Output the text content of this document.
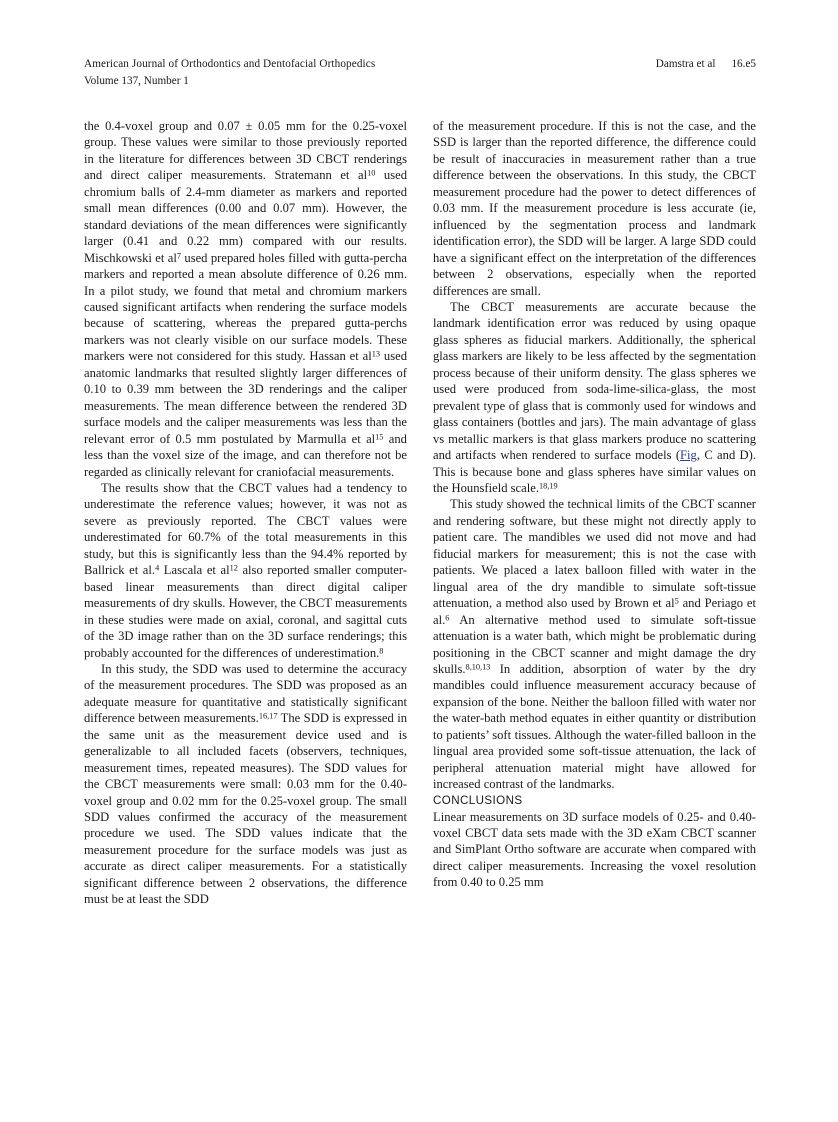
American Journal of Orthodontics and Dentofacial Orthopedics	Damstra et al 16.e5
Volume 137, Number 1

the 0.4-voxel group and 0.07 ± 0.05 mm for the 0.25-voxel group. These values were similar to those previously reported in the literature for differences between 3D CBCT renderings and direct caliper measurements. Stratemann et $al^{10}$ used chromium balls of 2.4-mm diameter as markers and reported small mean differences (0.00 and 0.07 mm). However, the standard deviations of the mean differences were significantly larger (0.41 and 0.22 mm) compared with our results. Mischkowski et $al^7$ used prepared holes filled with gutta-percha markers and reported a mean absolute difference of 0.26 mm. In a pilot study, we found that metal and chromium markers caused significant artifacts when rendering the surface models because of scattering, whereas the prepared gutta-perchs markers was not clearly visible on our surface models. These markers were not considered for this study. Hassan et $al^{13}$ used anatomic landmarks that resulted slightly larger differences of 0.10 to 0.39 mm between the 3D renderings and the caliper measurements. The mean difference between the rendered 3D surface models and the caliper measurements was less than the relevant error of 0.5 mm postulated by Marmulla et $al^{15}$ and less than the voxel size of the image, and can therefore not be regarded as clinically relevant for craniofacial measurements.

The results show that the CBCT values had a tendency to underestimate the reference values; however, it was not as severe as previously reported. The CBCT values were underestimated for 60.7% of the total measurements in this study, but this is significantly less than the 94.4% reported by Ballrick et al.$^4$ Lascala et $al^{12}$ also reported smaller computer-based linear measurements than direct digital caliper measurements of dry skulls. However, the CBCT measurements in these studies were made on axial, coronal, and sagittal cuts of the 3D image rather than on the 3D surface renderings; this probably accounted for the differences of underestimation.$^8$

In this study, the SDD was used to determine the accuracy of the measurement procedures. The SDD was proposed as an adequate measure for quantitative and statistically significant difference between measurements.$^{16,17}$ The SDD is expressed in the same unit as the measurement device used and is generalizable to all included facets (observers, techniques, measurement times, repeated measures). The SDD values for the CBCT measurements were small: 0.03 mm for the 0.40-voxel group and 0.02 mm for the 0.25-voxel group. The small SDD values confirmed the accuracy of the measurement procedure we used. The SDD values indicate that the measurement procedure for the surface models was just as accurate as direct caliper measurements. For a statistically significant difference between 2 observations, the difference must be at least the SDD

of the measurement procedure. If this is not the case, and the SSD is larger than the reported difference, the difference could be result of inaccuracies in measurement rather than a true difference between the observations. In this study, the CBCT measurement procedure had the power to detect differences of 0.03 mm. If the measurement procedure is less accurate (ie, influenced by the segmentation process and landmark identification error), the SDD will be larger. A large SDD could have a significant effect on the interpretation of the differences between 2 observations, especially when the reported differences are small.

The CBCT measurements are accurate because the landmark identification error was reduced by using opaque glass spheres as fiducial markers. Additionally, the spherical glass markers are likely to be less affected by the segmentation process because of their uniform density. The glass spheres we used were produced from soda-lime-silica-glass, the most prevalent type of glass that is commonly used for windows and glass containers (bottles and jars). The main advantage of glass vs metallic markers is that glass markers produce no scattering and artifacts when rendered to surface models (Fig, C and D). This is because bone and glass spheres have similar values on the Hounsfield scale.$^{18,19}$

This study showed the technical limits of the CBCT scanner and rendering software, but these might not directly apply to patient care. The mandibles we used did not move and had fiducial markers for measurement; this is not the case with patients. We placed a latex balloon filled with water in the lingual area of the dry mandible to simulate soft-tissue attenuation, a method also used by Brown et $al^5$ and Periago et al.$^6$ An alternative method used to simulate soft-tissue attenuation is a water bath, which might be problematic during positioning in the CBCT scanner and might damage the dry skulls.$^{8,10,13}$ In addition, absorption of water by the dry mandibles could influence measurement accuracy because of expansion of the bone. Neither the balloon filled with water nor the water-bath method equates in either quantity or distribution to patients’ soft tissues. Although the water-filled balloon in the lingual area provided some soft-tissue attenuation, the lack of peripheral attenuation material might have allowed for increased contrast of the landmarks.

CONCLUSIONS

Linear measurements on 3D surface models of 0.25- and 0.40-voxel CBCT data sets made with the 3D eXam CBCT scanner and SimPlant Ortho software are accurate when compared with direct caliper measurements. Increasing the voxel resolution from 0.40 to 0.25 mm
